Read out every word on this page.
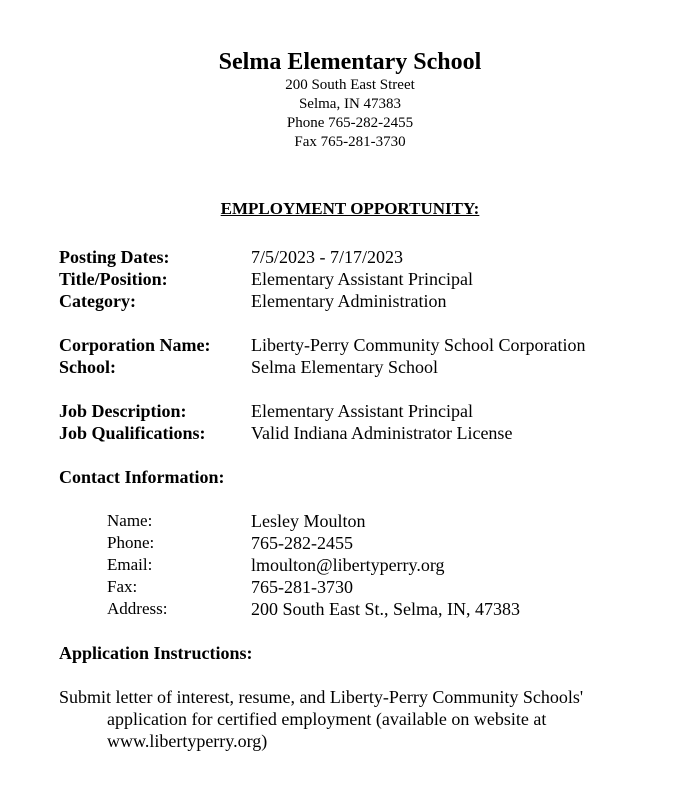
Selma Elementary School

200 South East Street

Selma, IN 47383

Phone 765-282-2455

Fax 765-281-3730

EMPLOYMENT OPPORTUNITY:
Posting Dates:	7/5/2023 - 7/17/2023
Title/Position:	Elementary Assistant Principal
Category:	Elementary Administration
Corporation Name: Liberty-Perry Community School Corporation
School:	Selma Elementary School
Job Description:	Elementary Assistant Principal
Job Qualifications:	Valid Indiana Administrator License
Contact Information:
Name:	Lesley Moulton
Phone:	765-282-2455
Email:	lmoulton@libertyperry.org
Fax:	765-281-3730
Address:	200 South East St., Selma, IN, 47383
Application Instructions:
Submit letter of interest, resume, and Liberty-Perry Community Schools' application for certified employment (available on website at www.libertyperry.org)
